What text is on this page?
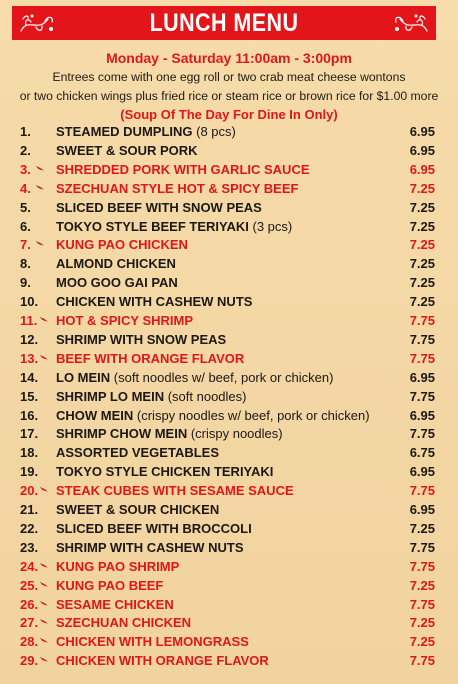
LUNCH MENU
Monday - Saturday 11:00am - 3:00pm
Entrees come with one egg roll or two crab meat cheese wontons
or two chicken wings plus fried rice or steam rice or brown rice for $1.00 more
(Soup Of The Day For Dine In Only)
1. STEAMED DUMPLING (8 pcs)	6.95
2. SWEET & SOUR PORK	6.95
3. SHREDDED PORK WITH GARLIC SAUCE	6.95
4. SZECHUAN STYLE HOT & SPICY BEEF	7.25
5. SLICED BEEF WITH SNOW PEAS	7.25
6. TOKYO STYLE BEEF TERIYAKI (3 pcs)	7.25
7. KUNG PAO CHICKEN	7.25
8. ALMOND CHICKEN	7.25
9. MOO GOO GAI PAN	7.25
10. CHICKEN WITH CASHEW NUTS	7.25
11. HOT & SPICY SHRIMP	7.75
12. SHRIMP WITH SNOW PEAS	7.75
13. BEEF WITH ORANGE FLAVOR	7.75
14. LO MEIN (soft noodles w/ beef, pork or chicken)	6.95
15. SHRIMP LO MEIN (soft noodles)	7.75
16. CHOW MEIN (crispy noodles w/ beef, pork or chicken)	6.95
17. SHRIMP CHOW MEIN (crispy noodles)	7.75
18. ASSORTED VEGETABLES	6.75
19. TOKYO STYLE CHICKEN TERIYAKI	6.95
20. STEAK CUBES WITH SESAME SAUCE	7.75
21. SWEET & SOUR CHICKEN	6.95
22. SLICED BEEF WITH BROCCOLI	7.25
23. SHRIMP WITH CASHEW NUTS	7.75
24. KUNG PAO SHRIMP	7.75
25. KUNG PAO BEEF	7.25
26. SESAME CHICKEN	7.75
27. SZECHUAN CHICKEN	7.25
28. CHICKEN WITH LEMONGRASS	7.25
29. CHICKEN WITH ORANGE FLAVOR	7.75
